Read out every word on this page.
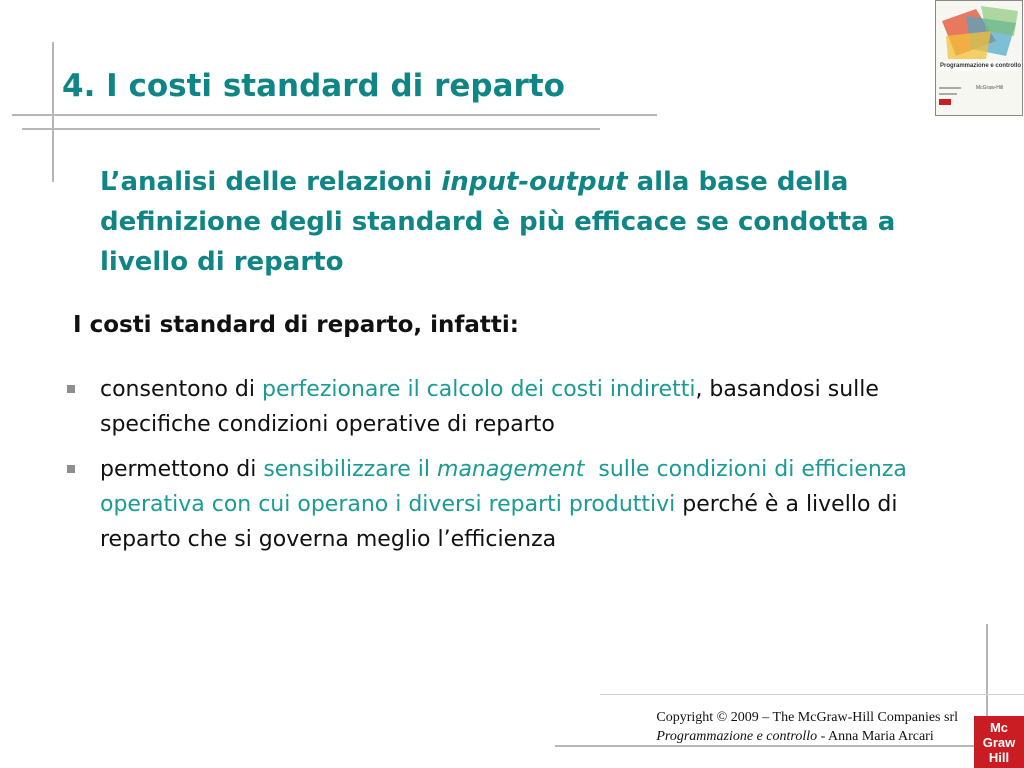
4. I costi standard di reparto
Programmazione e controllo
McGraw-Hill
L’analisi delle relazioni input-output alla base della definizione degli standard è più efficace se condotta a livello di reparto
I costi standard di reparto, infatti:
consentono di perfezionare il calcolo dei costi indiretti, basandosi sulle specifiche condizioni operative di reparto
permettono di sensibilizzare il management  sulle condizioni di efficienza operativa con cui operano i diversi reparti produttivi perché è a livello di reparto che si governa meglio l’efficienza
Copyright © 2009 – The McGraw-Hill Companies srl
Programmazione e controllo - Anna Maria Arcari
Mc
Graw
Hill
